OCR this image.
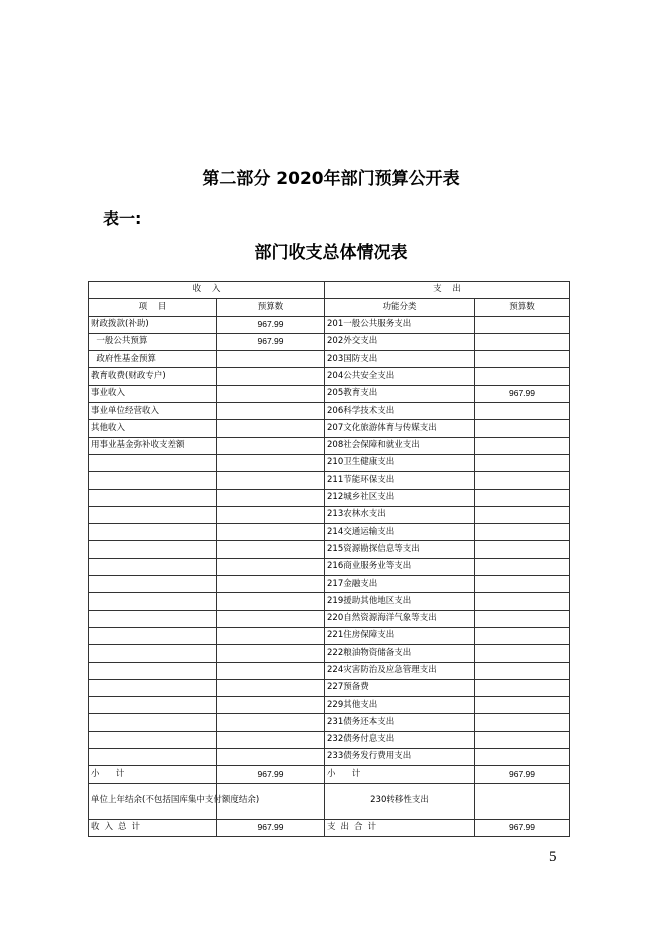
第二部分 2020年部门预算公开表
表一:
部门收支总体情况表
收    入		支    出	
项    目	预算数	功能分类	预算数
财政拨款(补助)	967.99	201一般公共服务支出	
一般公共预算	967.99	202外交支出	
政府性基金预算		203国防支出	
教育收费(财政专户)		204公共安全支出	
事业收入		205教育支出	967.99
事业单位经营收入		206科学技术支出	
其他收入		207文化旅游体育与传媒支出	
用事业基金弥补收支差额		208社会保障和就业支出	
		210卫生健康支出	
		211节能环保支出	
		212城乡社区支出	
		213农林水支出	
		214交通运输支出	
		215资源勘探信息等支出	
		216商业服务业等支出	
		217金融支出	
		219援助其他地区支出	
		220自然资源海洋气象等支出	
		221住房保障支出	
		222粮油物资储备支出	
		224灾害防治及应急管理支出	
		227预备费	
		229其他支出	
		231债务还本支出	
		232债务付息支出	
		233债务发行费用支出	
小      计	967.99	小      计	967.99
单位上年结余(不包括国库集中支付额度结余)		230转移性支出	
收入总计	967.99	支出合计	967.99
5
